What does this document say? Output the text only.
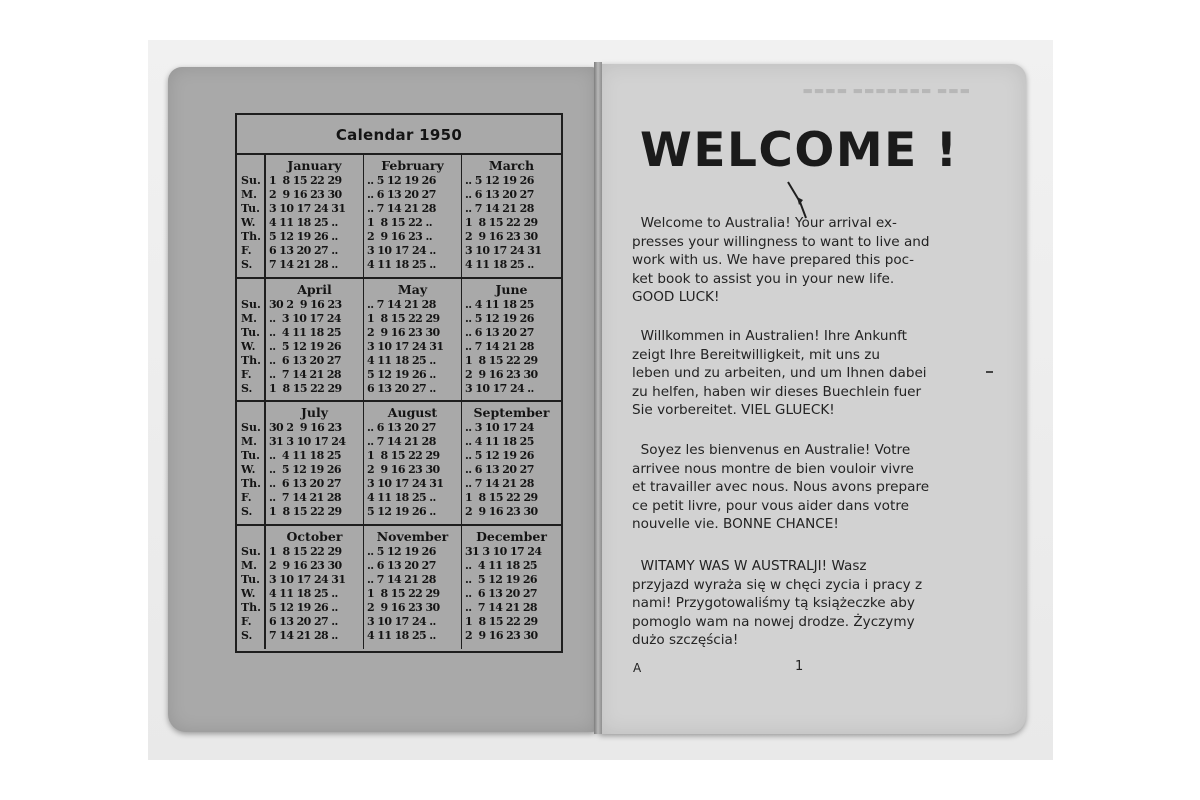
▬▬▬ ▬▬▬▬▬▬▬ ▬▬▬▬
Calendar 1950
Su.
M.
Tu.
W.
Th.
F.
S.
January
1  8 15 22 29
2  9 16 23 30
3 10 17 24 31
4 11 18 25 ..
5 12 19 26 ..
6 13 20 27 ..
7 14 21 28 ..
February
.. 5 12 19 26
.. 6 13 20 27
.. 7 14 21 28
1  8 15 22 ..
2  9 16 23 ..
3 10 17 24 ..
4 11 18 25 ..
March
.. 5 12 19 26
.. 6 13 20 27
.. 7 14 21 28
1  8 15 22 29
2  9 16 23 30
3 10 17 24 31
4 11 18 25 ..
Su.
M.
Tu.
W.
Th.
F.
S.
April
30 2  9 16 23
..  3 10 17 24
..  4 11 18 25
..  5 12 19 26
..  6 13 20 27
..  7 14 21 28
1  8 15 22 29
May
.. 7 14 21 28
1  8 15 22 29
2  9 16 23 30
3 10 17 24 31
4 11 18 25 ..
5 12 19 26 ..
6 13 20 27 ..
June
.. 4 11 18 25
.. 5 12 19 26
.. 6 13 20 27
.. 7 14 21 28
1  8 15 22 29
2  9 16 23 30
3 10 17 24 ..
Su.
M.
Tu.
W.
Th.
F.
S.
July
30 2  9 16 23
31 3 10 17 24
..  4 11 18 25
..  5 12 19 26
..  6 13 20 27
..  7 14 21 28
1  8 15 22 29
August
.. 6 13 20 27
.. 7 14 21 28
1  8 15 22 29
2  9 16 23 30
3 10 17 24 31
4 11 18 25 ..
5 12 19 26 ..
September
.. 3 10 17 24
.. 4 11 18 25
.. 5 12 19 26
.. 6 13 20 27
.. 7 14 21 28
1  8 15 22 29
2  9 16 23 30
Su.
M.
Tu.
W.
Th.
F.
S.
October
1  8 15 22 29
2  9 16 23 30
3 10 17 24 31
4 11 18 25 ..
5 12 19 26 ..
6 13 20 27 ..
7 14 21 28 ..
November
.. 5 12 19 26
.. 6 13 20 27
.. 7 14 21 28
1  8 15 22 29
2  9 16 23 30
3 10 17 24 ..
4 11 18 25 ..
December
31 3 10 17 24
..  4 11 18 25
..  5 12 19 26
..  6 13 20 27
..  7 14 21 28
1  8 15 22 29
2  9 16 23 30
WELCOME !
Welcome to Australia! Your arrival ex-
presses your willingness to want to live and
work with us. We have prepared this poc-
ket book to assist you in your new life.
GOOD LUCK!
Willkommen in Australien! Ihre Ankunft
zeigt Ihre Bereitwilligkeit, mit uns zu
leben und zu arbeiten, und um Ihnen dabei
zu helfen, haben wir dieses Buechlein fuer
Sie vorbereitet. VIEL GLUECK!
Soyez les bienvenus en Australie! Votre
arrivee nous montre de bien vouloir vivre
et travailler avec nous. Nous avons prepare
ce petit livre, pour vous aider dans votre
nouvelle vie. BONNE CHANCE!
WITAMY WAS W AUSTRALJI! Wasz
przyjazd wyraża się w chęci zycia i pracy z
nami! Przygotowaliśmy tą książeczke aby
pomoglo wam na nowej drodze. Życzymy
dużo szczęścia!
A	1
